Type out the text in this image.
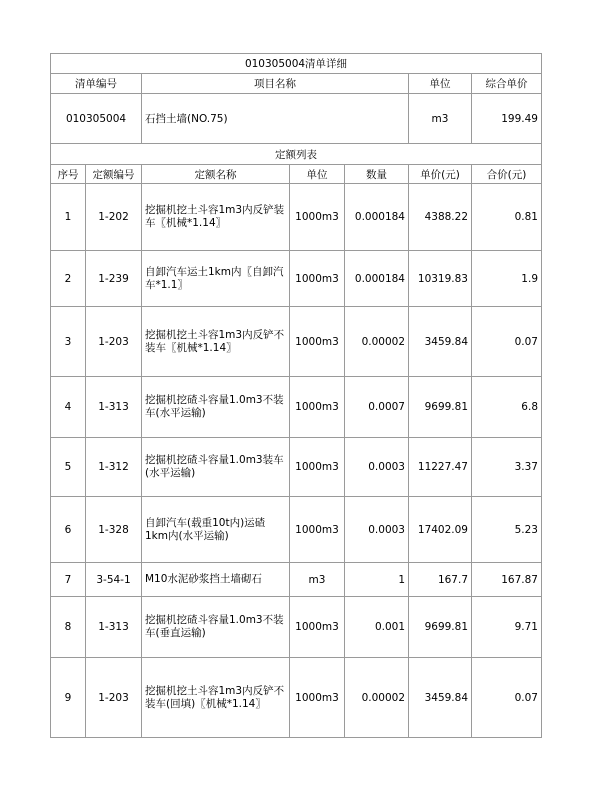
010305004清单详细			
清单编号	项目名称	单位	综合单价
010305004	石挡土墙(NO.75)	m3	199.49
定额列表						
序号	定额编号	定额名称	单位	数量	单价(元)	合价(元)
1	1-202	挖掘机挖土斗容1m3内反铲装车〖机械*1.14〗	1000m3	0.000184	4388.22	0.81
2	1-239	自卸汽车运土1km内〖自卸汽车*1.1〗	1000m3	0.000184	10319.83	1.9
3	1-203	挖掘机挖土斗容1m3内反铲不装车〖机械*1.14〗	1000m3	0.00002	3459.84	0.07
4	1-313	挖掘机挖碴斗容量1.0m3不装车(水平运输)	1000m3	0.0007	9699.81	6.8
5	1-312	挖掘机挖碴斗容量1.0m3装车(水平运输)	1000m3	0.0003	11227.47	3.37
6	1-328	自卸汽车(载重10t内)运碴1km内(水平运输)	1000m3	0.0003	17402.09	5.23
7	3-54-1	M10水泥砂浆挡土墙砌石	m3	1	167.7	167.87
8	1-313	挖掘机挖碴斗容量1.0m3不装车(垂直运输)	1000m3	0.001	9699.81	9.71
9	1-203	挖掘机挖土斗容1m3内反铲不装车(回填)〖机械*1.14〗	1000m3	0.00002	3459.84	0.07
